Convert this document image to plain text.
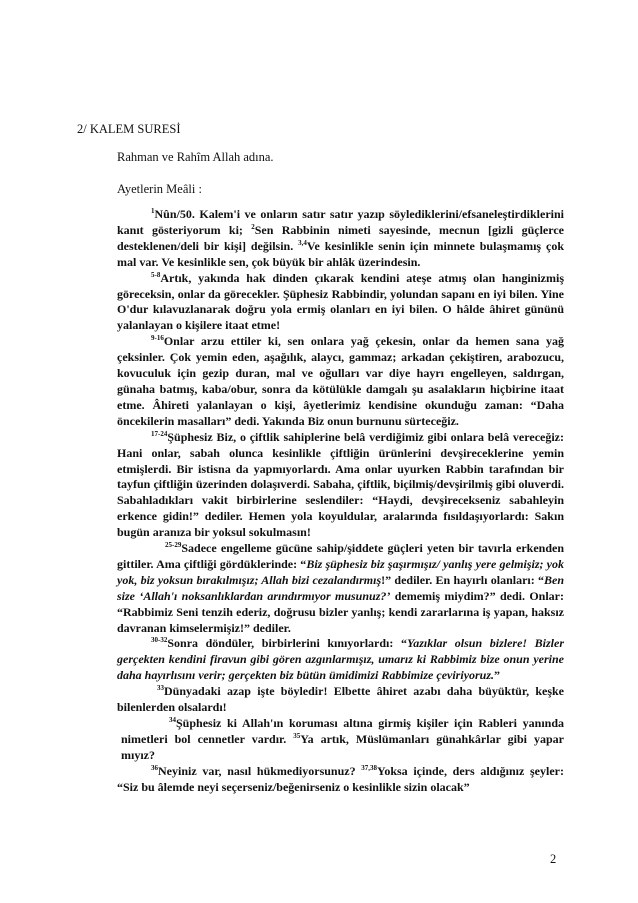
2/ KALEM SURESİ
Rahman ve Rahîm Allah adına.
Ayetlerin Meâli :

$^1$Nûn/50. Kalem'i ve onların satır satır yazıp söylediklerini/efsaneleştirdiklerini kanıt gösteriyorum ki; $^2$Sen Rabbinin nimeti sayesinde, mecnun [gizli güçlerce desteklenen/deli bir kişi] değilsin. $^{3,4}$Ve kesinlikle senin için minnete bulaşmamış çok mal var. Ve kesinlikle sen, çok büyük bir ahlâk üzerindesin.

$^{5-8}$Artık, yakında hak dinden çıkarak kendini ateşe atmış olan hanginizmiş göreceksin, onlar da görecekler. Şüphesiz Rabbindir, yolundan sapanı en iyi bilen. Yine O'dur kılavuzlanarak doğru yola ermiş olanları en iyi bilen. O hâlde âhiret gününü yalanlayan o kişilere itaat etme!

$^{9-16}$Onlar arzu ettiler ki, sen onlara yağ çekesin, onlar da hemen sana yağ çeksinler. Çok yemin eden, aşağılık, alaycı, gammaz; arkadan çekiştiren, arabozucu, kovuculuk için gezip duran, mal ve oğulları var diye hayrı engelleyen, saldırgan, günaha batmış, kaba/obur, sonra da kötülükle damgalı şu asalakların hiçbirine itaat etme. Âhireti yalanlayan o kişi, âyetlerimiz kendisine okunduğu zaman: “Daha öncekilerin masalları” dedi. Yakında Biz onun burnunu sürteceğiz.

$^{17-24}$Şüphesiz Biz, o çiftlik sahiplerine belâ verdiğimiz gibi onlara belâ vereceğiz: Hani onlar, sabah olunca kesinlikle çiftliğin ürünlerini devşireceklerine yemin etmişlerdi. Bir istisna da yapmıyorlardı. Ama onlar uyurken Rabbin tarafından bir tayfun çiftliğin üzerinden dolaşıverdi. Sabaha, çiftlik, biçilmiş/devşirilmiş gibi oluverdi. Sabahladıkları vakit birbirlerine seslendiler: “Haydi, devşirecekseniz sabahleyin erkence gidin!” dediler. Hemen yola koyuldular, aralarında fısıldaşıyorlardı: Sakın bugün aranıza bir yoksul sokulmasın!

$^{25-29}$Sadece engelleme gücüne sahip/şiddete güçleri yeten bir tavırla erkenden gittiler. Ama çiftliği gördüklerinde: “Biz şüphesiz biz şaşırmışız/ yanlış yere gelmişiz; yok yok, biz yoksun bırakılmışız; Allah bizi cezalandırmış!” dediler. En hayırlı olanları: “Ben size ‘Allah'ı noksanlıklardan arındırmıyor musunuz?’ dememiş miydim?” dedi. Onlar: “Rabbimiz Seni tenzih ederiz, doğrusu bizler yanlış; kendi zararlarına iş yapan, haksız davranan kimselermişiz!” dediler.

$^{30-32}$Sonra döndüler, birbirlerini kınıyorlardı: “Yazıklar olsun bizlere! Bizler gerçekten kendini firavun gibi gören azgınlarmışız, umarız ki Rabbimiz bize onun yerine daha hayırlısını verir; gerçekten biz bütün ümidimizi Rabbimize çeviriyoruz.”

$^{33}$Dünyadaki azap işte böyledir! Elbette âhiret azabı daha büyüktür, keşke bilenlerden olsalardı!

$^{34}$Şüphesiz ki Allah'ın koruması altına girmiş kişiler için Rableri yanında nimetleri bol cennetler vardır. $^{35}$Ya artık, Müslümanları günahkârlar gibi yapar mıyız?

$^{36}$Neyiniz var, nasıl hükmediyorsunuz? $^{37,38}$Yoksa içinde, ders aldığınız şeyler: “Siz bu âlemde neyi seçerseniz/beğenirseniz o kesinlikle sizin olacak”

2
